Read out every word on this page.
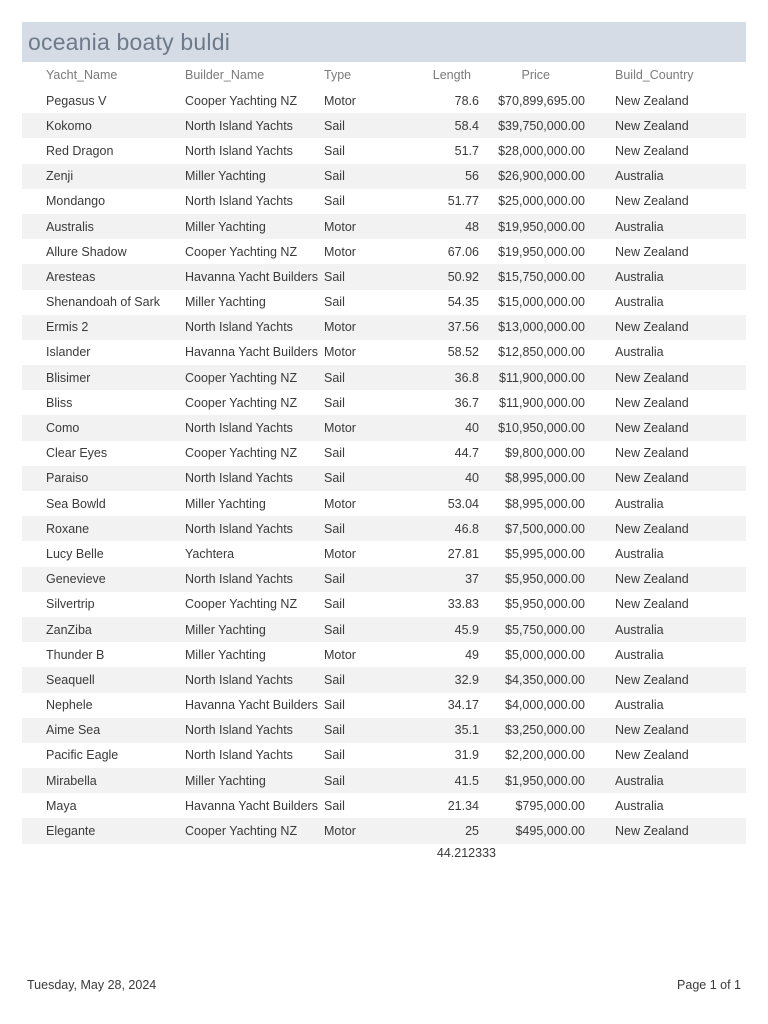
oceania boaty buldi
Yacht_Name	Builder_Name	Type	Length	Price	Build_Country
Pegasus V	Cooper Yachting NZ	Motor	78.6	$70,899,695.00 New Zealand
Kokomo	North Island Yachts	Sail	58.4	$39,750,000.00 New Zealand
Red Dragon	North Island Yachts	Sail	51.7	$28,000,000.00 New Zealand
Zenji	Miller Yachting	Sail	56	$26,900,000.00 Australia
Mondango	North Island Yachts	Sail	51.77	$25,000,000.00 New Zealand
Australis	Miller Yachting	Motor	48	$19,950,000.00 Australia
Allure Shadow	Cooper Yachting NZ	Motor	67.06	$19,950,000.00 New Zealand
Aresteas	Havanna Yacht Builders Sail	50.92	$15,750,000.00 Australia
Shenandoah of Sark	Miller Yachting	Sail	54.35	$15,000,000.00 Australia
Ermis 2	North Island Yachts	Motor	37.56	$13,000,000.00 New Zealand
Islander	Havanna Yacht Builders Motor	58.52	$12,850,000.00 Australia
Blisimer	Cooper Yachting NZ	Sail	36.8	$11,900,000.00 New Zealand
Bliss	Cooper Yachting NZ	Sail	36.7	$11,900,000.00 New Zealand
Como	North Island Yachts	Motor	40	$10,950,000.00 New Zealand
Clear Eyes	Cooper Yachting NZ	Sail	44.7	$9,800,000.00 New Zealand
Paraiso	North Island Yachts	Sail	40	$8,995,000.00 New Zealand
Sea Bowld	Miller Yachting	Motor	53.04	$8,995,000.00 Australia
Roxane	North Island Yachts	Sail	46.8	$7,500,000.00 New Zealand
Lucy Belle	Yachtera	Motor	27.81	$5,995,000.00 Australia
Genevieve	North Island Yachts	Sail	37	$5,950,000.00 New Zealand
Silvertrip	Cooper Yachting NZ	Sail	33.83	$5,950,000.00 New Zealand
ZanZiba	Miller Yachting	Sail	45.9	$5,750,000.00 Australia
Thunder B	Miller Yachting	Motor	49	$5,000,000.00 Australia
Seaquell	North Island Yachts	Sail	32.9	$4,350,000.00 New Zealand
Nephele	Havanna Yacht Builders Sail	34.17	$4,000,000.00 Australia
Aime Sea	North Island Yachts	Sail	35.1	$3,250,000.00 New Zealand
Pacific Eagle	North Island Yachts	Sail	31.9	$2,200,000.00 New Zealand
Mirabella	Miller Yachting	Sail	41.5	$1,950,000.00 Australia
Maya	Havanna Yacht Builders Sail	21.34	$795,000.00 Australia
Elegante	Cooper Yachting NZ	Motor	25	$495,000.00 New Zealand
44.212333
Tuesday, May 28, 2024	Page 1 of 1
